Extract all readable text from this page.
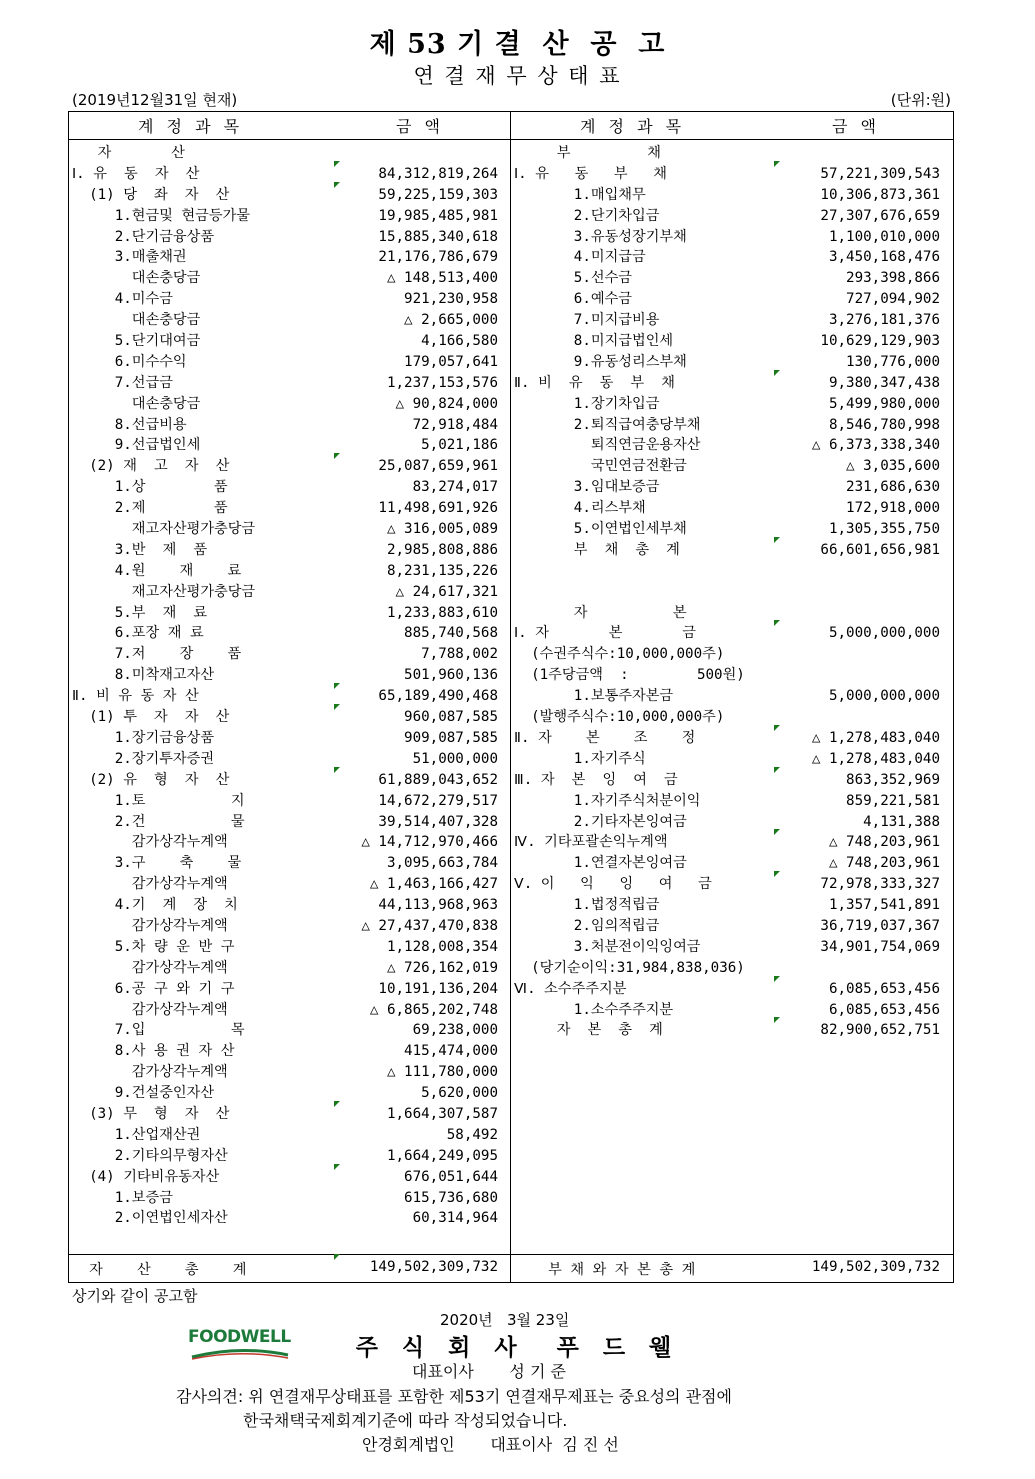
제 53 기 결  산  공  고
연 결 재 무 상 태 표
(2019년12월31일 현재)	(단위:원)
계 정 과 목	금 액	계 정 과 목	금 액
자       산
Ⅰ. 유  동  자  산	84,312,819,264
(1) 당  좌  자  산	59,225,159,303
1.현금및 현금등가물	19,985,485,981
2.단기금융상품	15,885,340,618
3.매출채권	21,176,786,679
대손충당금	△ 148,513,400
4.미수금	921,230,958
대손충당금	△ 2,665,000
5.단기대여금	4,166,580
6.미수수익	179,057,641
7.선급금	1,237,153,576
대손충당금	△ 90,824,000
8.선급비용	72,918,484
9.선급법인세	5,021,186
(2) 재  고  자  산	25,087,659,961
1.상        품	83,274,017
2.제        품	11,498,691,926
재고자산평가충당금	△ 316,005,089
3.반  제  품	2,985,808,886
4.원    재    료	8,231,135,226
재고자산평가충당금	△ 24,617,321
5.부  재  료	1,233,883,610
6.포장 재 료	885,740,568
7.저    장    품	7,788,002
8.미착재고자산	501,960,136
Ⅱ. 비 유 동 자 산	65,189,490,468
(1) 투  자  자  산	960,087,585
1.장기금융상품	909,087,585
2.장기투자증권	51,000,000
(2) 유  형  자  산	61,889,043,652
1.토          지	14,672,279,517
2.건          물	39,514,407,328
감가상각누계액	△ 14,712,970,466
3.구    축    물	3,095,663,784
감가상각누계액	△ 1,463,166,427
4.기  계  장  치	44,113,968,963
감가상각누계액	△ 27,437,470,838
5.차 량 운 반 구	1,128,008,354
감가상각누계액	△ 726,162,019
6.공 구 와 기 구	10,191,136,204
감가상각누계액	△ 6,865,202,748
7.입          목	69,238,000
8.사 용 권 자 산	415,474,000
감가상각누계액	△ 111,780,000
9.건설중인자산	5,620,000
(3) 무  형  자  산	1,664,307,587
1.산업재산권	58,492
2.기타의무형자산	1,664,249,095
(4) 기타비유동자산	676,051,644
1.보증금	615,736,680
2.이연법인세자산	60,314,964
부         채
Ⅰ. 유   동   부   채	57,221,309,543
1.매입채무	10,306,873,361
2.단기차입금	27,307,676,659
3.유동성장기부채	1,100,010,000
4.미지급금	3,450,168,476
5.선수금	293,398,866
6.예수금	727,094,902
7.미지급비용	3,276,181,376
8.미지급법인세	10,629,129,903
9.유동성리스부채	130,776,000
Ⅱ. 비  유  동  부  채	9,380,347,438
1.장기차입금	5,499,980,000
2.퇴직급여충당부채	8,546,780,998
퇴직연금운용자산	△ 6,373,338,340
국민연금전환금	△ 3,035,600
3.임대보증금	231,686,630
4.리스부채	172,918,000
5.이연법인세부채	1,305,355,750
부  채  총  계	66,601,656,981
자          본
Ⅰ. 자       본       금	5,000,000,000
(수권주식수:10,000,000주)
(1주당금액  :        500원)
1.보통주자본금	5,000,000,000
(발행주식수:10,000,000주)
Ⅱ. 자    본    조    정	△ 1,278,483,040
1.자기주식	△ 1,278,483,040
Ⅲ. 자  본  잉  여  금	863,352,969
1.자기주식처분이익	859,221,581
2.기타자본잉여금	4,131,388
Ⅳ. 기타포괄손익누계액	△ 748,203,961
1.연결자본잉여금	△ 748,203,961
Ⅴ. 이   익   잉   여   금	72,978,333,327
1.법정적립금	1,357,541,891
2.임의적립금	36,719,037,367
3.처분전이익잉여금	34,901,754,069
(당기순이익:31,984,838,036)
Ⅵ. 소수주주지분	6,085,653,456
1.소수주주지분	6,085,653,456
자  본  총  계	82,900,652,751
자    산    총    계	149,502,309,732 부 채 와 자 본 총 계	149,502,309,732
상기와 같이 공고함
2020년   3월 23일
FOODWELL	주 식 회 사  푸 드 웰
대표이사       성 기 준
감사의견: 위 연결재무상태표를 포함한 제53기 연결재무제표는 중요성의 관점에
한국채택국제회계기준에 따라 작성되었습니다.
안경회계법인       대표이사  김 진 선
